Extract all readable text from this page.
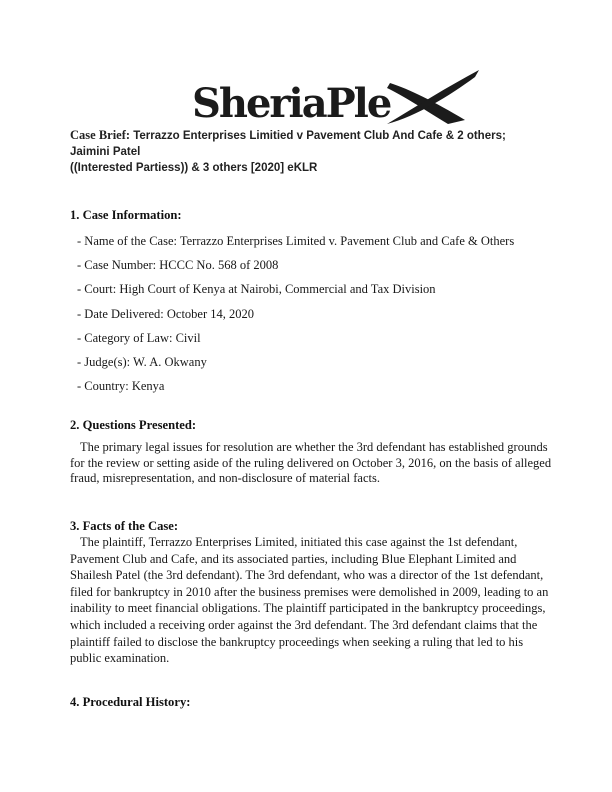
SheriaPle
Case Brief: Terrazzo Enterprises Limitied v Pavement Club And Cafe & 2 others; Jaimini Patel
((Interested Partiess)) & 3 others [2020] eKLR
1. Case Information:
- Name of the Case: Terrazzo Enterprises Limited v. Pavement Club and Cafe & Others
- Case Number: HCCC No. 568 of 2008
- Court: High Court of Kenya at Nairobi, Commercial and Tax Division
- Date Delivered: October 14, 2020
- Category of Law: Civil
- Judge(s): W. A. Okwany
- Country: Kenya
2. Questions Presented:
The primary legal issues for resolution are whether the 3rd defendant has established grounds
for the review or setting aside of the ruling delivered on October 3, 2016, on the basis of alleged
fraud, misrepresentation, and non-disclosure of material facts.
3. Facts of the Case:
The plaintiff, Terrazzo Enterprises Limited, initiated this case against the 1st defendant,
Pavement Club and Cafe, and its associated parties, including Blue Elephant Limited and
Shailesh Patel (the 3rd defendant). The 3rd defendant, who was a director of the 1st defendant,
filed for bankruptcy in 2010 after the business premises were demolished in 2009, leading to an
inability to meet financial obligations. The plaintiff participated in the bankruptcy proceedings,
which included a receiving order against the 3rd defendant. The 3rd defendant claims that the
plaintiff failed to disclose the bankruptcy proceedings when seeking a ruling that led to his
public examination.
4. Procedural History:
